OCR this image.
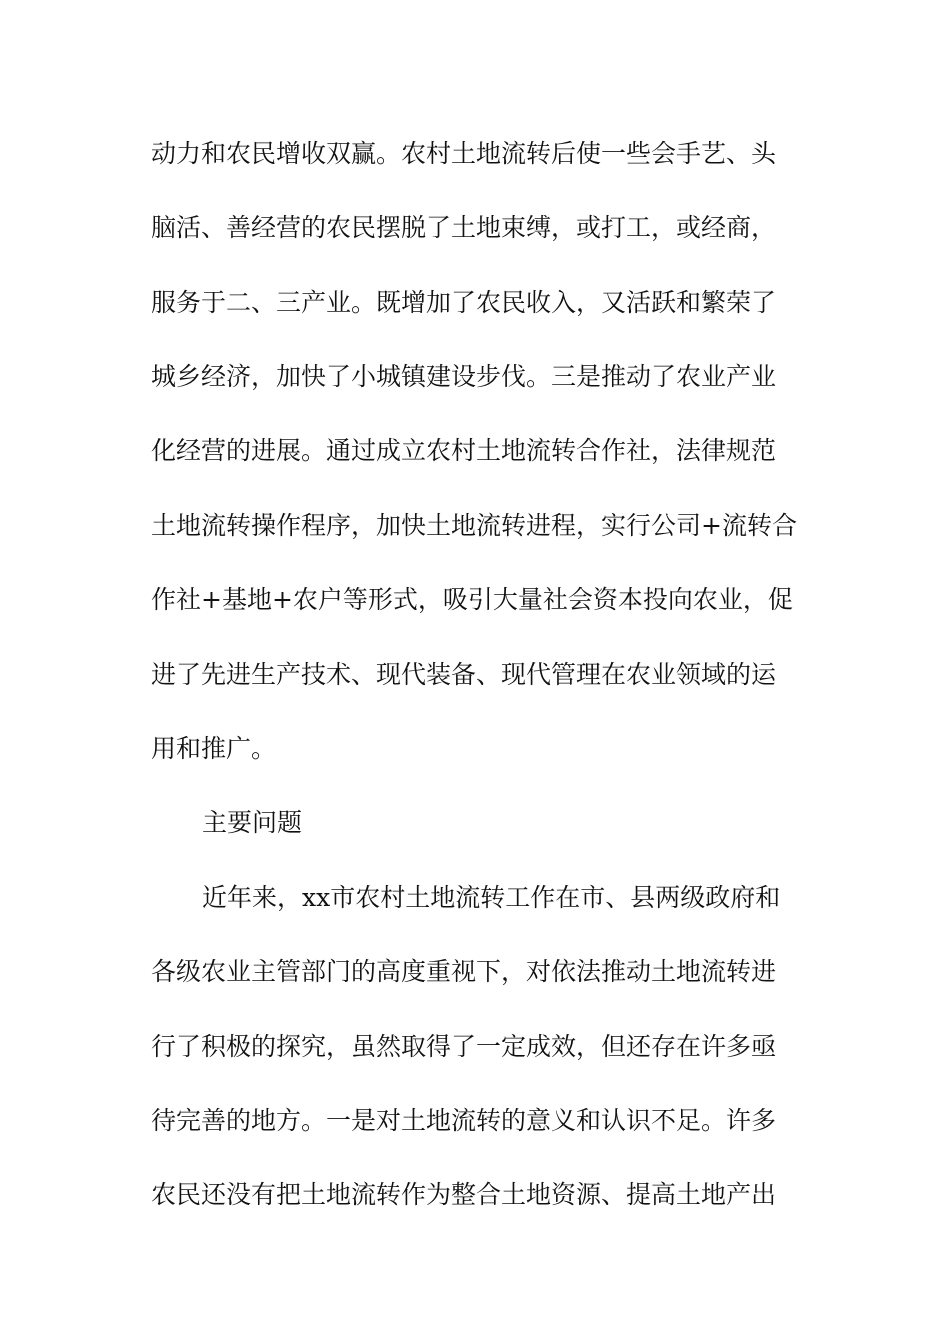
动力和农民增收双赢。农村土地流转后使一些会手艺、头
脑活、善经营的农民摆脱了土地束缚，或打工，或经商，
服务于二、三产业。既增加了农民收入，又活跃和繁荣了
城乡经济，加快了小城镇建设步伐。三是推动了农业产业
化经营的进展。通过成立农村土地流转合作社，法律规范
土地流转操作程序，加快土地流转进程，实行公司+流转合
作社+基地+农户等形式，吸引大量社会资本投向农业，促
进了先进生产技术、现代装备、现代管理在农业领域的运
用和推广。
主要问题
近年来，xx市农村土地流转工作在市、县两级政府和
各级农业主管部门的高度重视下，对依法推动土地流转进
行了积极的探究，虽然取得了一定成效，但还存在许多亟
待完善的地方。一是对土地流转的意义和认识不足。许多
农民还没有把土地流转作为整合土地资源、提高土地产出
